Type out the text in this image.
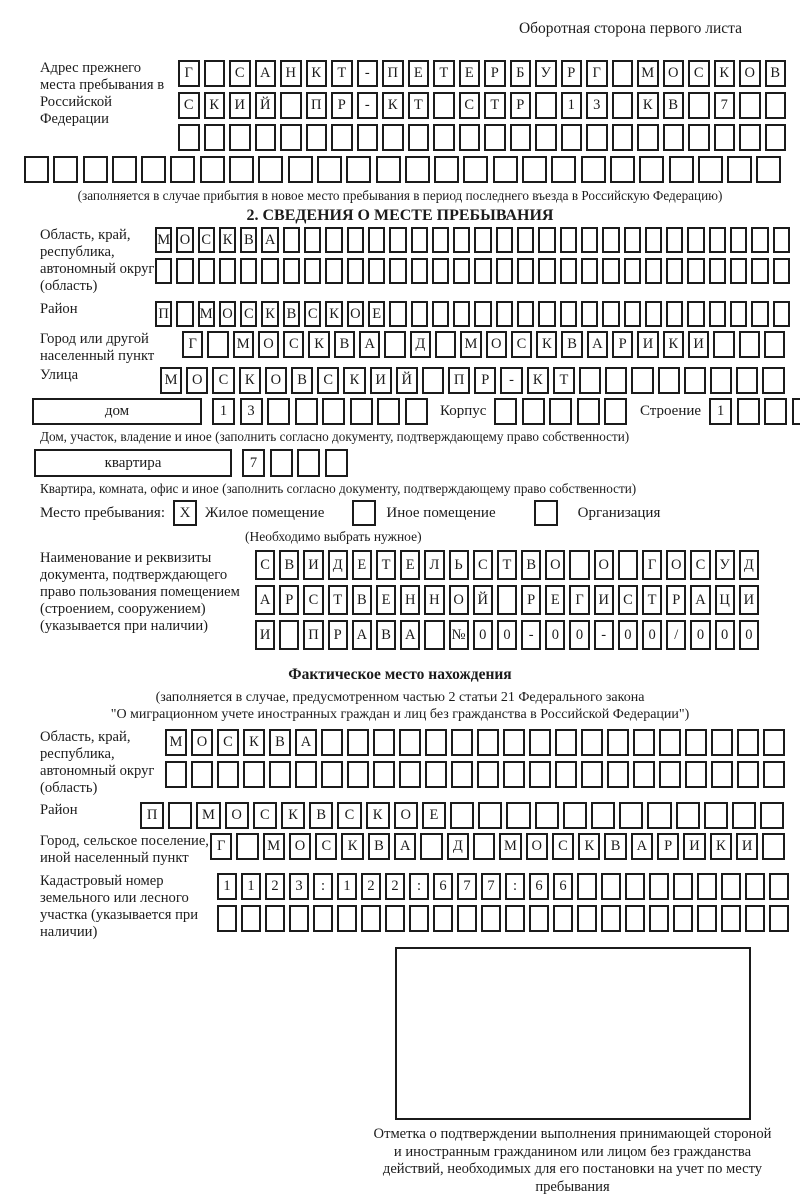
Оборотная сторона первого листа
Адрес прежнего места пребывания в Российской Федерации
Г	С	А	Н	К	Т	-	П	Е	Т	Е	Р	Б	У	Р	Г	М О	С	К	О	В
С	К	И	Й	П	Р	-	К	Т	С	Т	Р	1	3	К	В	7
(заполняется в случае прибытия в новое место пребывания в период последнего въезда в Российскую Федерацию)
2. СВЕДЕНИЯ О МЕСТЕ ПРЕБЫВАНИЯ
Область, край, республика, автономный округ (область)
М О С К В А
Район	П М О С К В С К О Е
Город или другой населенный пункт
Г	М О	С	К	В	А	Д	М О	С	К	В	А	Р	И	К	И
Улица	М О	С	К	О	В	С	К	И	Й	П	Р	-	К	Т
дом	1	3	Корпус	Строение	1
Дом, участок, владение и иное (заполнить согласно документу, подтверждающему право собственности)
квартира	7
Квартира, комната, офис и иное (заполнить согласно документу, подтверждающему право собственности)
Место пребывания: X Жилое помещение	Иное помещение	Организация
(Необходимо выбрать нужное)
Наименование и реквизиты документа, подтверждающего право пользования помещением (строением, сооружением) (указывается при наличии)
С	В И Д	Е	Т	Е	Л	Ь	С	Т	В О	О	Г	О С У Д
А	Р	С	Т	В	Е	Н Н О Й	Р	Е	Г	И С	Т	Р	А Ц И
И	П	Р	А В А	№ 0	0	-	0	0	-	0	0	/	0	0	0
Фактическое место нахождения
(заполняется в случае, предусмотренном частью 2 статьи 21 Федерального закона
"О миграционном учете иностранных граждан и лиц без гражданства в Российской Федерации")
Область, край, республика, автономный округ (область)
М О	С	К	В	А
Район	П	М	О	С	К	В	С	К	О	Е
Город, сельское поселение, иной населенный пункт
Г	М	О	С	К	В	А	Д	М	О	С	К	В	А	Р	И	К	И
Кадастровый номер земельного или лесного участка (указывается при наличии)
1	1	2	3	:	1	2	2	:	6	7	7	:	6	6
Отметка о подтверждении выполнения принимающей стороной и иностранным гражданином или лицом без гражданства действий, необходимых для его постановки на учет по месту пребывания
